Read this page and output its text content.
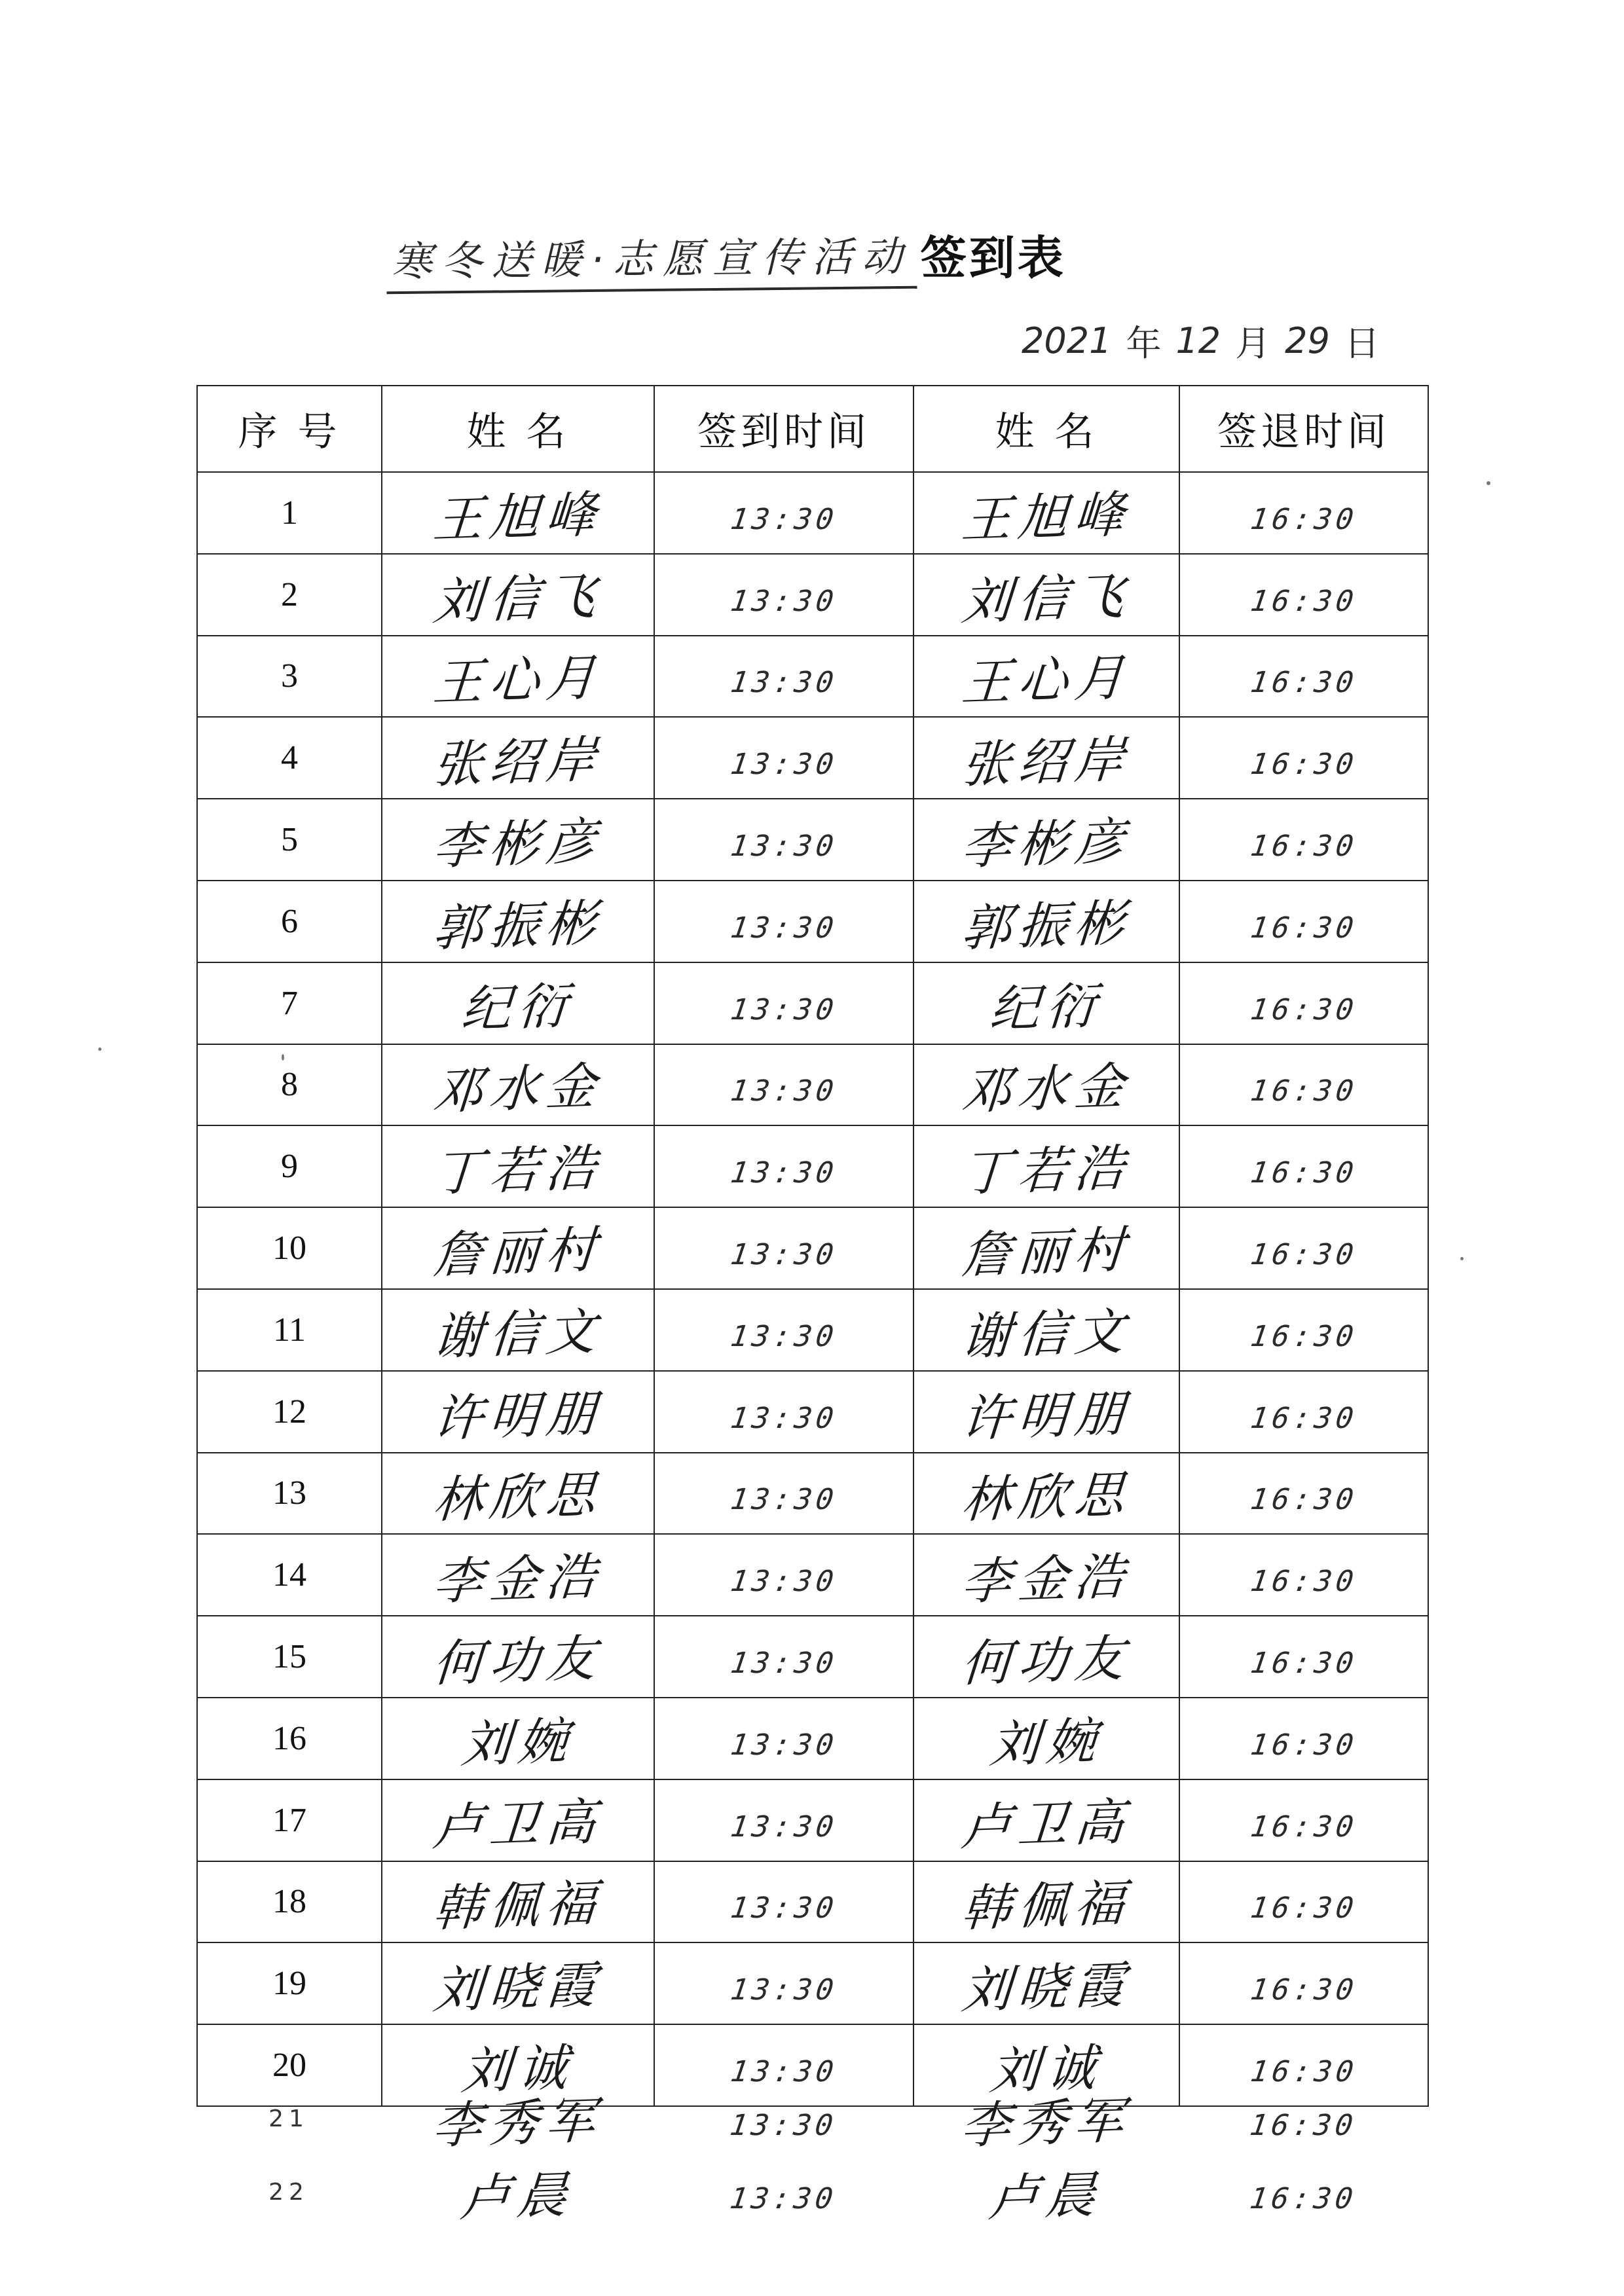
寒冬送暖·志愿宣传活动 签到表
2021 年 12 月 29 日
序 号	姓 名	签到时间	姓 名	签退时间
1	王旭峰	13:30	王旭峰	16:30
2	刘信飞	13:30	刘信飞	16:30
3	王心月	13:30	王心月	16:30
4	张绍岸	13:30	张绍岸	16:30
5	李彬彦	13:30	李彬彦	16:30
6	郭振彬	13:30	郭振彬	16:30
7	纪衍	13:30	纪衍	16:30
8	邓水金	13:30	邓水金	16:30
9	丁若浩	13:30	丁若浩	16:30
10	詹丽村	13:30	詹丽村	16:30
11	谢信文	13:30	谢信文	16:30
12	许明朋	13:30	许明朋	16:30
13	林欣思	13:30	林欣思	16:30
14	李金浩	13:30	李金浩	16:30
15	何功友	13:30	何功友	16:30
16	刘婉	13:30	刘婉	16:30
17	卢卫高	13:30	卢卫高	16:30
18	韩佩福	13:30	韩佩福	16:30
19	刘晓霞	13:30	刘晓霞	16:30
20	刘诚	13:30	刘诚	16:30
21	李秀军	13:30	李秀军	16:30
22	卢晨	13:30	卢晨	16:30
